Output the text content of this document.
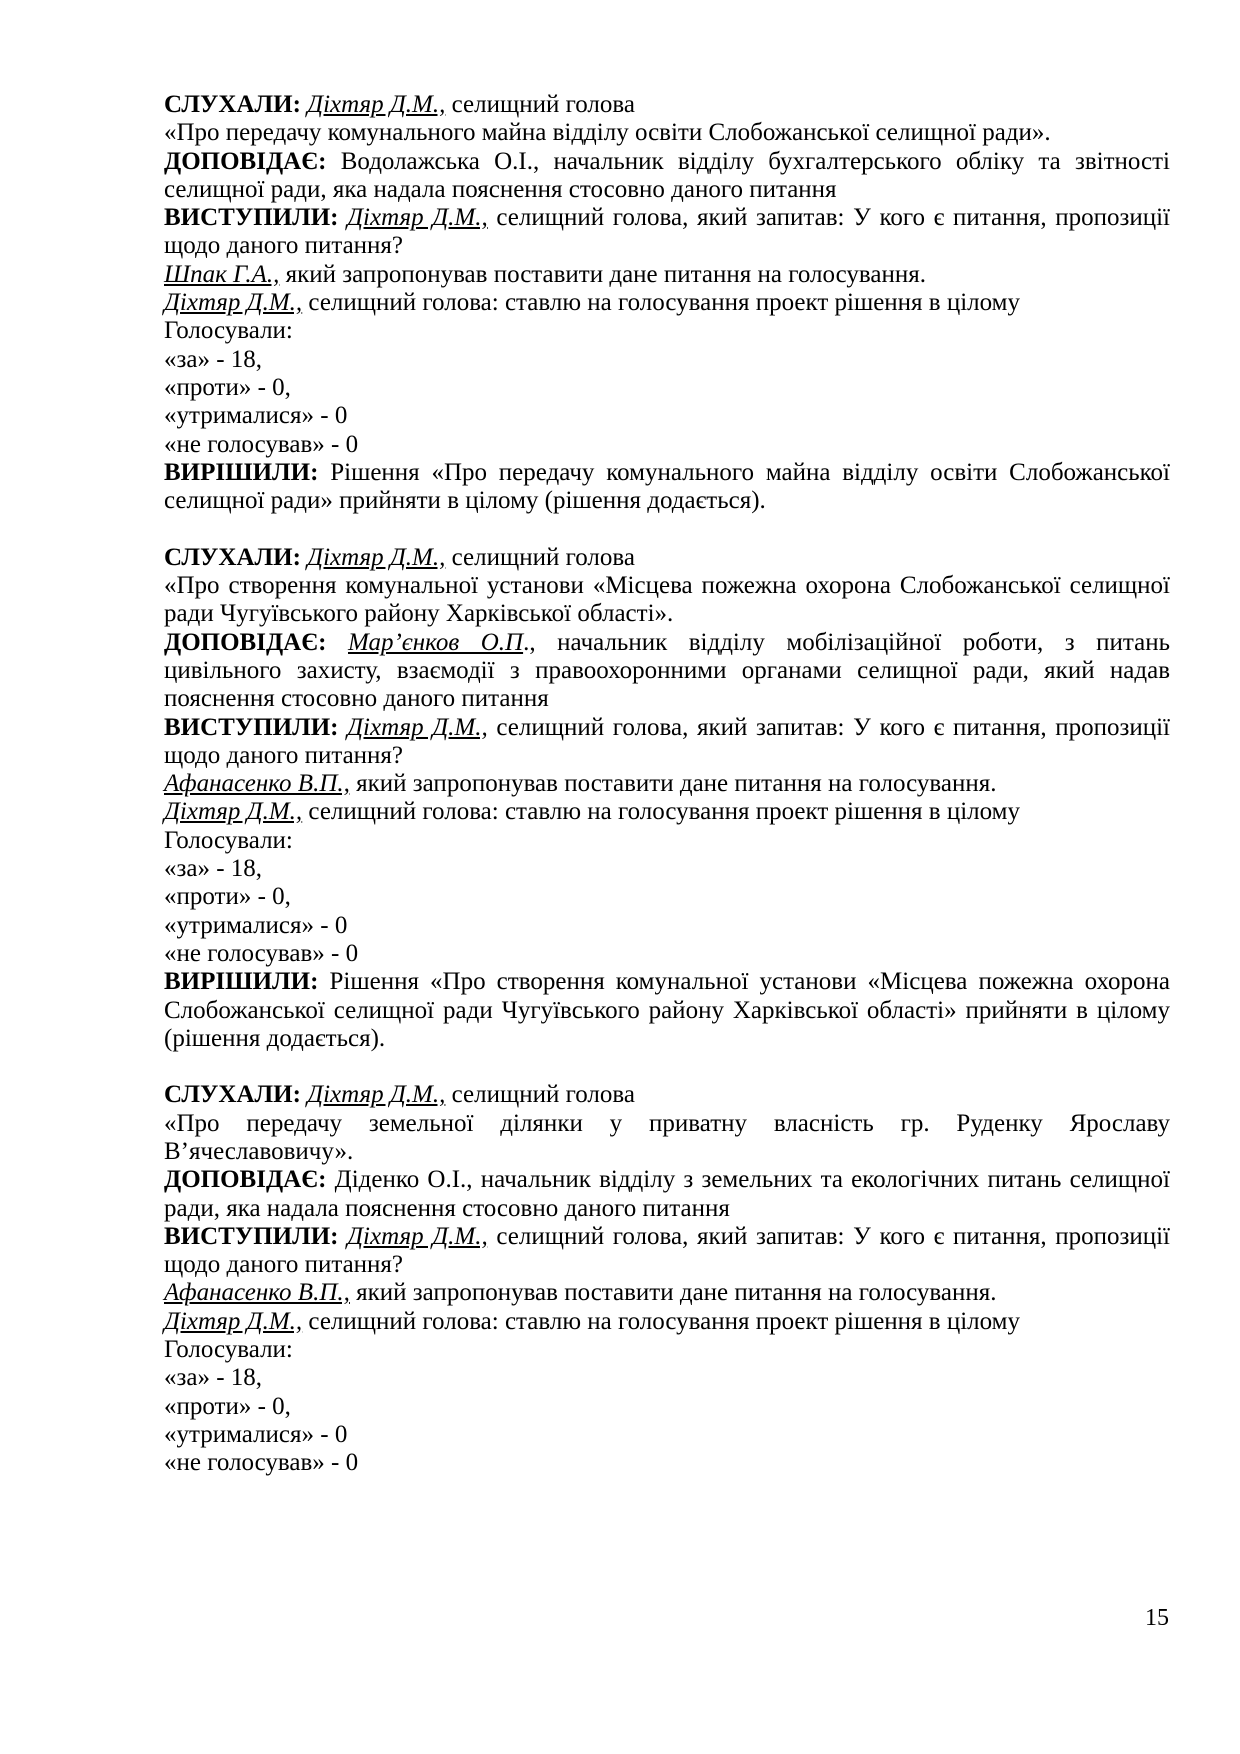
СЛУХАЛИ: Діхтяр Д.М., селищний голова

«Про передачу комунального майна відділу освіти Слобожанської селищної ради».

ДОПОВІДАЄ: Водолажська О.І., начальник відділу бухгалтерського обліку та звітності селищної ради, яка надала пояснення стосовно даного питання

ВИСТУПИЛИ: Діхтяр Д.М., селищний голова, який запитав: У кого є питання, пропозиції щодо даного питання?

Шпак Г.А., який запропонував поставити дане питання на голосування.

Діхтяр Д.М., селищний голова: ставлю на голосування проект рішення в цілому

Голосували:

«за» - 18,

«проти» - 0,

«утрималися» - 0

«не голосував» - 0

ВИРІШИЛИ: Рішення «Про передачу комунального майна відділу освіти Слобожанської селищної ради» прийняти в цілому (рішення додається).

СЛУХАЛИ: Діхтяр Д.М., селищний голова

«Про створення комунальної установи «Місцева пожежна охорона Слобожанської селищної ради Чугуївського району Харківської області».

ДОПОВІДАЄ: Мар’єнков О.П., начальник відділу мобілізаційної роботи, з питань цивільного захисту, взаємодії з правоохоронними органами селищної ради, який надав пояснення стосовно даного питання

ВИСТУПИЛИ: Діхтяр Д.М., селищний голова, який запитав: У кого є питання, пропозиції щодо даного питання?

Афанасенко В.П., який запропонував поставити дане питання на голосування.

Діхтяр Д.М., селищний голова: ставлю на голосування проект рішення в цілому

Голосували:

«за» - 18,

«проти» - 0,

«утрималися» - 0

«не голосував» - 0

ВИРІШИЛИ: Рішення «Про створення комунальної установи «Місцева пожежна охорона Слобожанської селищної ради Чугуївського району Харківської області» прийняти в цілому (рішення додається).

СЛУХАЛИ: Діхтяр Д.М., селищний голова

«Про передачу земельної ділянки у приватну власність гр. Руденку Ярославу В’ячеславовичу».

ДОПОВІДАЄ: Діденко О.І., начальник відділу з земельних та екологічних питань селищної ради, яка надала пояснення стосовно даного питання

ВИСТУПИЛИ: Діхтяр Д.М., селищний голова, який запитав: У кого є питання, пропозиції щодо даного питання?

Афанасенко В.П., який запропонував поставити дане питання на голосування.

Діхтяр Д.М., селищний голова: ставлю на голосування проект рішення в цілому

Голосували:

«за» - 18,

«проти» - 0,

«утрималися» - 0

«не голосував» - 0

15
